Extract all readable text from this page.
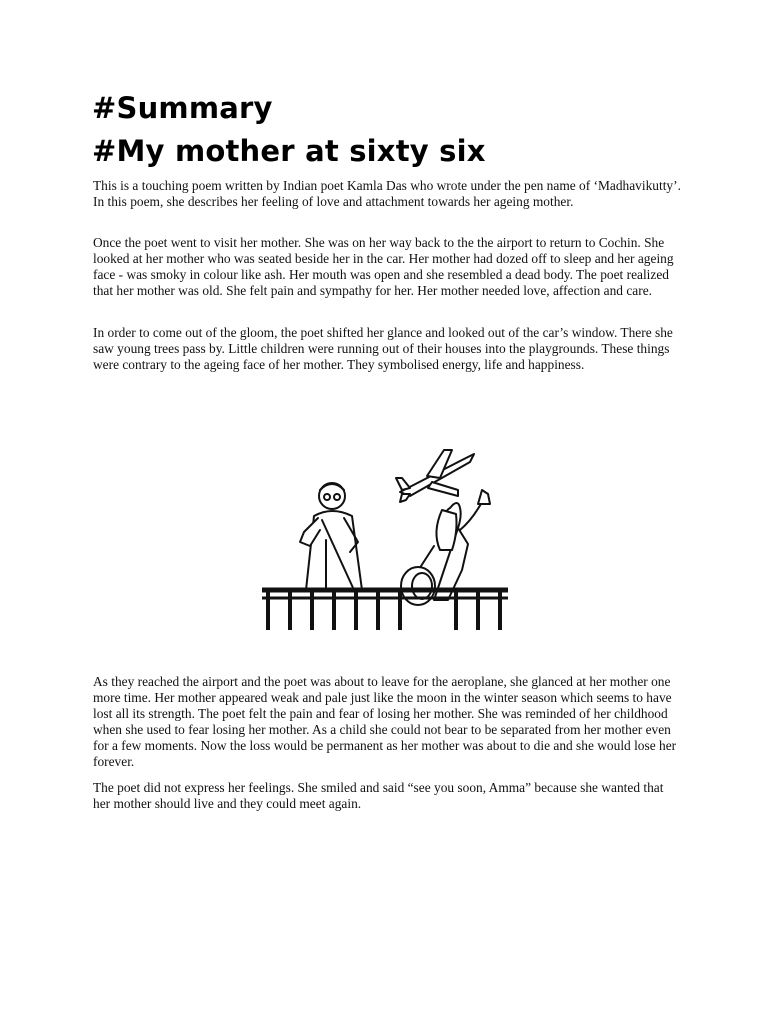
#Summary
#My mother at sixty six

This is a touching poem written by Indian poet Kamla Das who wrote under the pen name of ‘Madhavikutty’. In this poem, she describes her feeling of love and attachment towards her ageing mother.

Once the poet went to visit her mother. She was on her way back to the the airport to return to Cochin. She looked at her mother who was seated beside her in the car. Her mother had dozed off to sleep and her ageing face - was smoky in colour like ash. Her mouth was open and she resembled a dead body. The poet realized that her mother was old. She felt pain and sympathy for her. Her mother needed love, affection and care.

In order to come out of the gloom, the poet shifted her glance and looked out of the car’s window. There she saw young trees pass by. Little children were running out of their houses into the playgrounds. These things were contrary to the ageing face of her mother. They symbolised energy, life and happiness.

As they reached the airport and the poet was about to leave for the aeroplane, she glanced at her mother one more time. Her mother appeared weak and pale just like the moon in the winter season which seems to have lost all its strength. The poet felt the pain and fear of losing her mother. She was reminded of her childhood when she used to fear losing her mother. As a child she could not bear to be separated from her mother even for a few moments. Now the loss would be permanent as her mother was about to die and she would lose her forever.

The poet did not express her feelings. She smiled and said “see you soon, Amma” because she wanted that her mother should live and they could meet again.
